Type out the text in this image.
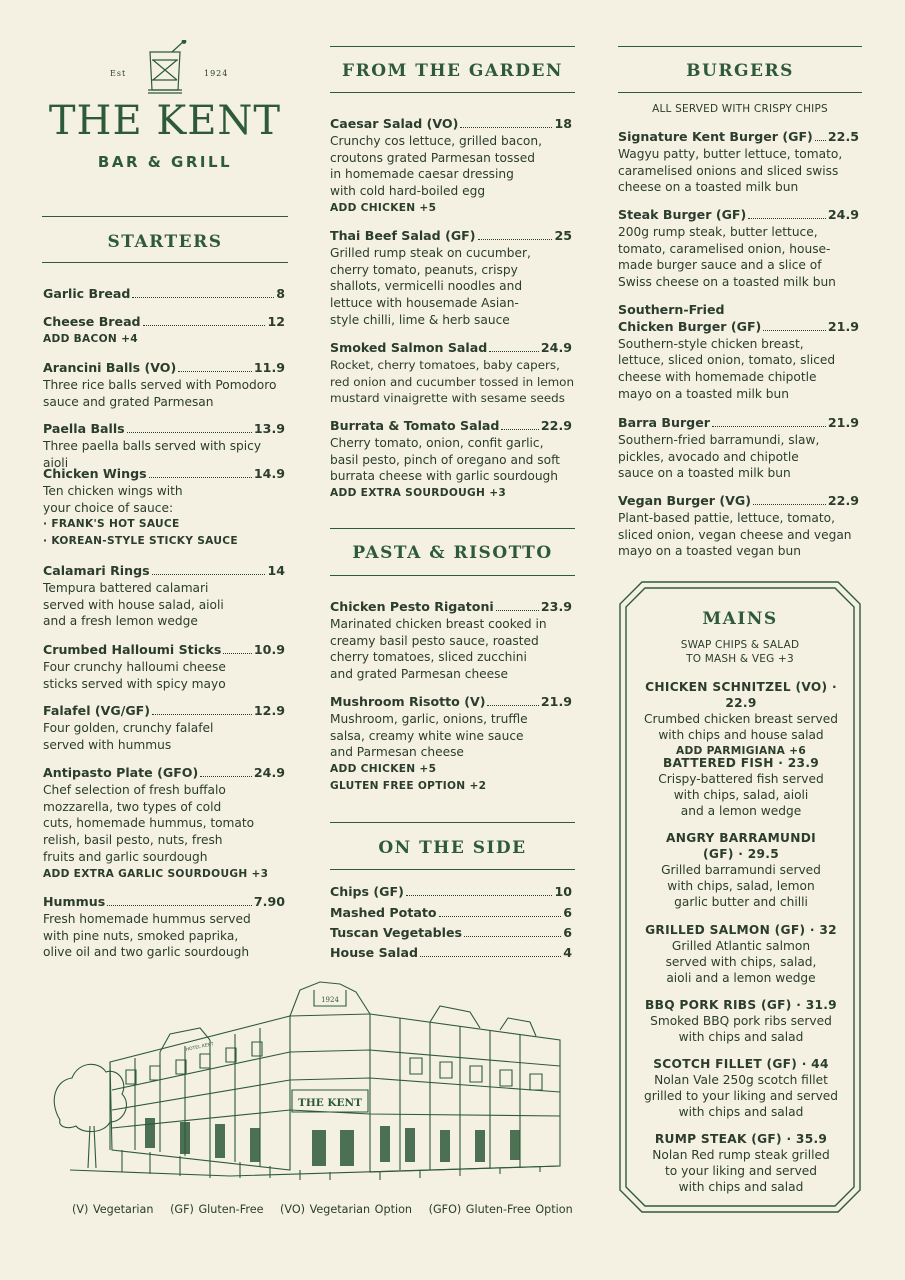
Est	1924
THE KENT
BAR & GRILL
STARTERS
Garlic Bread	8
Cheese Bread	12
ADD BACON +4
Arancini Balls (VO)	11.9
Three rice balls served with Pomodoro
sauce and grated Parmesan
Paella Balls	13.9
Three paella balls served with spicy aioli
Chicken Wings	14.9
Ten chicken wings with
your choice of sauce:
· FRANK'S HOT SAUCE
· KOREAN-STYLE STICKY SAUCE
Calamari Rings	14
Tempura battered calamari
served with house salad, aioli
and a fresh lemon wedge
Crumbed Halloumi Sticks	10.9
Four crunchy halloumi cheese
sticks served with spicy mayo
Falafel (VG/GF)	12.9
Four golden, crunchy falafel
served with hummus
Antipasto Plate (GFO)	24.9
Chef selection of fresh buffalo
mozzarella, two types of cold
cuts, homemade hummus, tomato
relish, basil pesto, nuts, fresh
fruits and garlic sourdough
ADD EXTRA GARLIC SOURDOUGH +3
Hummus	7.90
Fresh homemade hummus served
with pine nuts, smoked paprika,
olive oil and two garlic sourdough
FROM THE GARDEN
Caesar Salad (VO)	18
Crunchy cos lettuce, grilled bacon,
croutons grated Parmesan tossed
in homemade caesar dressing
with cold hard-boiled egg
ADD CHICKEN +5
Thai Beef Salad (GF)	25
Grilled rump steak on cucumber,
cherry tomato, peanuts, crispy
shallots, vermicelli noodles and
lettuce with housemade Asian-
style chilli, lime & herb sauce
Smoked Salmon Salad	24.9
Rocket, cherry tomatoes, baby capers,
red onion and cucumber tossed in lemon
mustard vinaigrette with sesame seeds
Burrata & Tomato Salad	22.9
Cherry tomato, onion, confit garlic,
basil pesto, pinch of oregano and soft
burrata cheese with garlic sourdough
ADD EXTRA SOURDOUGH +3
PASTA & RISOTTO
Chicken Pesto Rigatoni	23.9
Marinated chicken breast cooked in
creamy basil pesto sauce, roasted
cherry tomatoes, sliced zucchini
and grated Parmesan cheese
Mushroom Risotto (V)	21.9
Mushroom, garlic, onions, truffle
salsa, creamy white wine sauce
and Parmesan cheese
ADD CHICKEN +5
GLUTEN FREE OPTION +2
ON THE SIDE
Chips (GF)	10
Mashed Potato	6
Tuscan Vegetables	6
House Salad	4
BURGERS
ALL SERVED WITH CRISPY CHIPS
Signature Kent Burger (GF) 22.5
Wagyu patty, butter lettuce, tomato,
caramelised onions and sliced swiss
cheese on a toasted milk bun
Steak Burger (GF)	24.9
200g rump steak, butter lettuce,
tomato, caramelised onion, house-
made burger sauce and a slice of
Swiss cheese on a toasted milk bun
Southern-Fried
Chicken Burger (GF)	21.9
Southern-style chicken breast,
lettuce, sliced onion, tomato, sliced
cheese with homemade chipotle
mayo on a toasted milk bun
Barra Burger	21.9
Southern-fried barramundi, slaw,
pickles, avocado and chipotle
sauce on a toasted milk bun
Vegan Burger (VG)	22.9
Plant-based pattie, lettuce, tomato,
sliced onion, vegan cheese and vegan
mayo on a toasted vegan bun
MAINS
SWAP CHIPS & SALAD
TO MASH & VEG +3
CHICKEN SCHNITZEL (VO) · 22.9
Crumbed chicken breast served
with chips and house salad
ADD PARMIGIANA +6
BATTERED FISH · 23.9
Crispy-battered fish served
with chips, salad, aioli
and a lemon wedge
ANGRY BARRAMUNDI
(GF) · 29.5
Grilled barramundi served
with chips, salad, lemon
garlic butter and chilli
GRILLED SALMON (GF) · 32
Grilled Atlantic salmon
served with chips, salad,
aioli and a lemon wedge
BBQ PORK RIBS (GF) · 31.9
Smoked BBQ pork ribs served
with chips and salad
SCOTCH FILLET (GF) · 44
Nolan Vale 250g scotch fillet
grilled to your liking and served
with chips and salad
RUMP STEAK (GF) · 35.9
Nolan Red rump steak grilled
to your liking and served
with chips and salad
THE KENT
1924
HOTEL KENT
(V) Vegetarian (GF) Gluten-Free (VO) Vegetarian Option (GFO) Gluten-Free Option
